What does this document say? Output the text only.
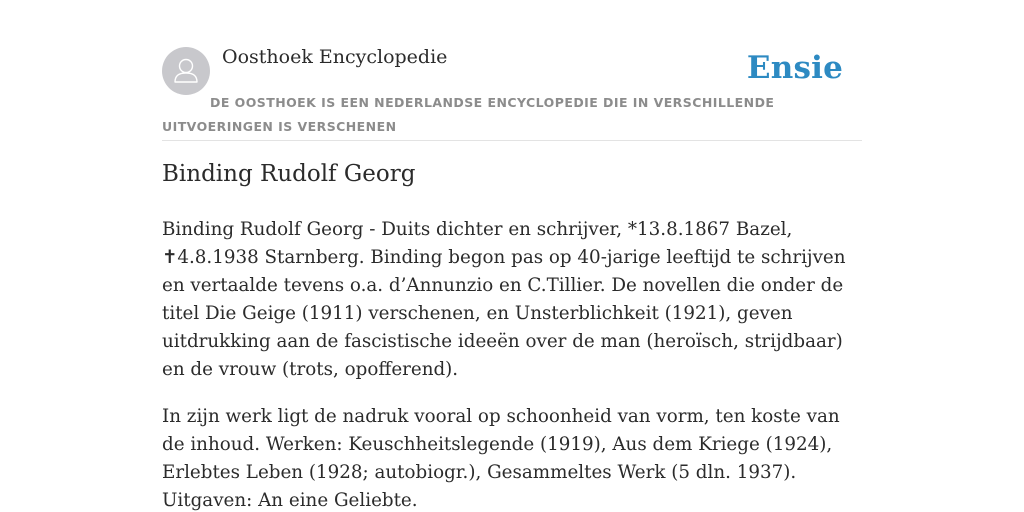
Oosthoek Encyclopedie	Ensie
DE OOSTHOEK IS EEN NEDERLANDSE ENCYCLOPEDIE DIE IN VERSCHILLENDE UITVOERINGEN IS VERSCHENEN
Binding Rudolf Georg

Binding Rudolf Georg - Duits dichter en schrijver, *13.8.1867 Bazel, ✝4.8.1938 Starnberg. Binding begon pas op 40-jarige leeftijd te schrijven en vertaalde tevens o.a. d’Annunzio en C.Tillier. De novellen die onder de titel Die Geige (1911) verschenen, en Unsterblichkeit (1921), geven uitdrukking aan de fascistische ideeën over de man (heroïsch, strijdbaar) en de vrouw (trots, opofferend).

In zijn werk ligt de nadruk vooral op schoonheid van vorm, ten koste van de inhoud. Werken: Keuschheitslegende (1919), Aus dem Kriege (1924), Erlebtes Leben (1928; autobiogr.), Gesammeltes Werk (5 dln. 1937). Uitgaven: An eine Geliebte.
